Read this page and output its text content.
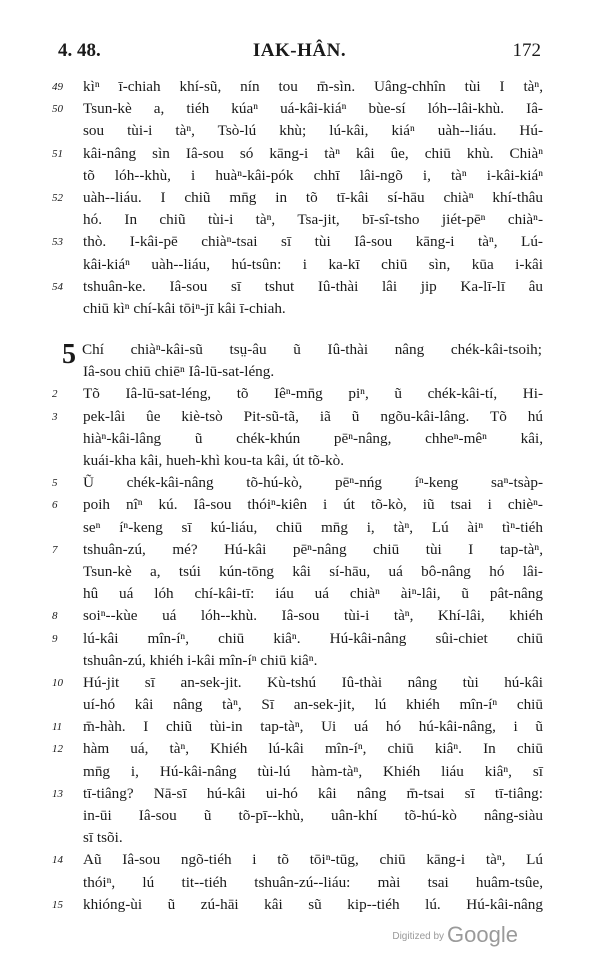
4. 48.	IAK-HÂN.	172
49	kìⁿ ī-chiah khí-sũ, nín tou m̄-sìn. Uâng-chhîn tùi I tàⁿ,
50	Tsun-kè a, tiéh kúaⁿ uá-kâi-kiáⁿ bùe-sí lóh--lâi-khù. Iâ-
sou tùi-i tàⁿ, Tsò-lú khù; lú-kâi, kiáⁿ uàh--liáu. Hú-
51	kâi-nâng sìn Iâ-sou só kāng-i tàⁿ kâi ûe, chiū khù. Chiàⁿ
tõ lóh--khù, i huàⁿ-kâi-pók chhī lâi-ngõ i, tàⁿ i-kâi-kiáⁿ
52	uàh--liáu. I chiũ mn̄g in tõ tī-kâi sí-hāu chiàⁿ khí-thâu
hó. In chiũ tùi-i tàⁿ, Tsa-jit, bī-sî-tsho jiét-pēⁿ chiàⁿ-
53	thò. I-kâi-pē chiàⁿ-tsai sī tùi Iâ-sou kāng-i tàⁿ, Lú-
kâi-kiáⁿ uàh--liáu, hú-tsûn: i ka-kī chiū sìn, kūa i-kâi
54	tshuân-ke. Iâ-sou sī tshut Iû-thài lâi jip Ka-lī-lī âu
chiū kìⁿ chí-kâi tōiⁿ-jī kâi ī-chiah.
5 Chí chiàⁿ-kâi-sũ tsṳ-âu ũ Iû-thài nâng chék-kâi-tsoih;
Iâ-sou chiū chiēⁿ Iâ-lū-sat-léng.
2	Tõ Iâ-lū-sat-léng, tõ Iêⁿ-mn̄g piⁿ, ũ chék-kâi-tí, Hi-
3	pek-lâi ûe kiè-tsò Pit-sũ-tã, iã ũ ngõu-kâi-lâng. Tõ hú
hiàⁿ-kâi-lâng ũ chék-khún pēⁿ-nâng, chheⁿ-mêⁿ kâi,
kuái-kha kâi, hueh-khì kou-ta kâi, út tõ-kò.
5	Ũ chék-kâi-nâng tõ-hú-kò, pēⁿ-nńg íⁿ-keng saⁿ-tsàp-
6	poih nîⁿ kú. Iâ-sou thóiⁿ-kiên i út tõ-kò, iũ tsai i chièⁿ-
seⁿ íⁿ-keng sī kú-liáu, chiū mn̄g i, tàⁿ, Lú àiⁿ tìⁿ-tiéh
7	tshuân-zú, mé? Hú-kâi pēⁿ-nâng chiū tùi I tap-tàⁿ,
Tsun-kè a, tsúi kún-tōng kâi sí-hāu, uá bô-nâng hó lâi-
hû uá lóh chí-kâi-tī: iáu uá chiàⁿ àiⁿ-lâi, ũ pât-nâng
8	soiⁿ--kùe uá lóh--khù. Iâ-sou tùi-i tàⁿ, Khí-lâi, khiéh
9	lú-kâi mîn-íⁿ, chiū kiâⁿ. Hú-kâi-nâng sûi-chiet chiū
tshuân-zú, khiéh i-kâi mîn-íⁿ chiū kiâⁿ.
10	Hú-jit sī an-sek-jit. Kù-tshú Iû-thài nâng tùi hú-kâi
uí-hó kâi nâng tàⁿ, Sī an-sek-jit, lú khiéh mîn-íⁿ chiū
11	m̄-hàh. I chiũ tùi-in tap-tàⁿ, Ui uá hó hú-kâi-nâng, i ũ
12	hàm uá, tàⁿ, Khiéh lú-kâi mîn-íⁿ, chiū kiâⁿ. In chiū
mn̄g i, Hú-kâi-nâng tùi-lú hàm-tàⁿ, Khiéh liáu kiâⁿ, sī
13	tī-tiâng? Nā-sī hú-kâi ui-hó kâi nâng m̄-tsai sī tī-tiâng:
in-ūi Iâ-sou ũ tõ-pī--khù, uân-khí tõ-hú-kò nâng-siàu
sī tsõi.
14	Aũ Iâ-sou ngõ-tiéh i tõ tōiⁿ-tūg, chiū kāng-i tàⁿ, Lú
thóiⁿ, lú tit--tiéh tshuân-zú--liáu: mài tsai huâm-tsûe,
15	khióng-ùi ũ zú-hāi kâi sũ kip--tiéh lú. Hú-kâi-nâng
Digitized by Google
